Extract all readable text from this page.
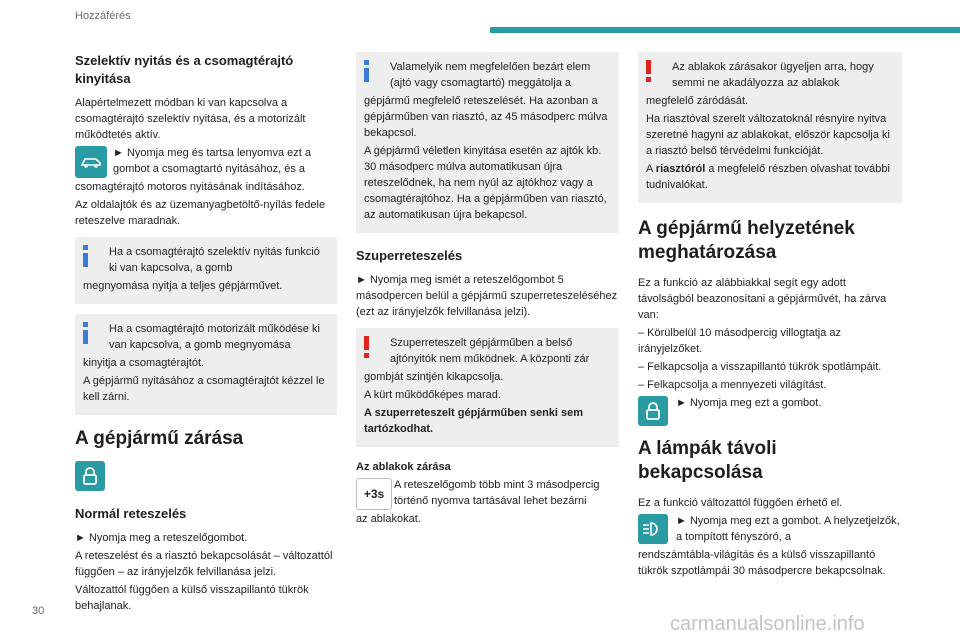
Hozzáférés
30
carmanualsonline.info
Szelektív nyitás és a csomagtérajtó kinyitása
Alapértelmezett módban ki van kapcsolva a csomagtérajtó szelektív nyitása, és a motorizált működtetés aktív.
► Nyomja meg és tartsa lenyomva ezt a gombot a csomagtartó nyitásához, és a
csomagtérajtó motoros nyitásának indításához.
Az oldalajtók és az üzemanyagbetöltő-nyílás fedele reteszelve maradnak.
Ha a csomagtérajtó szelektív nyitás funkció ki van kapcsolva, a gomb
megnyomása nyitja a teljes gépjárművet.
Ha a csomagtérajtó motorizált működése ki van kapcsolva, a gomb megnyomása
kinyitja a csomagtérajtót.
A gépjármű nyitásához a csomagtérajtót kézzel le kell zárni.
A gépjármű zárása
Normál reteszelés
► Nyomja meg a reteszelőgombot.
A reteszelést és a riasztó bekapcsolását – változattól függően – az irányjelzők felvillanása jelzi.
Változattól függően a külső visszapillantó tükrök behajlanak.
Valamelyik nem megfelelően bezárt elem (ajtó vagy csomagtartó) meggátolja a
gépjármű megfelelő reteszelését. Ha azonban a gépjárműben van riasztó, az 45 másodperc múlva bekapcsol.
A gépjármű véletlen kinyitása esetén az ajtók kb. 30 másodperc múlva automatikusan újra reteszelődnek, ha nem nyúl az ajtókhoz vagy a csomagtérajtóhoz. Ha a gépjárműben van riasztó, az automatikusan újra bekapcsol.
Szuperreteszelés
► Nyomja meg ismét a reteszelőgombot 5 másodpercen belül a gépjármű szuperreteszeléséhez (ezt az irányjelzők felvillanása jelzi).
Szuperreteszelt gépjárműben a belső ajtónyitók nem működnek. A központi zár
gombját szintjén kikapcsolja.
A kürt működőképes marad.
A szuperreteszelt gépjárműben senki sem tartózkodhat.
Az ablakok zárása
+3s
A reteszelőgomb több mint 3 másodpercig történő nyomva tartásával lehet bezárni
az ablakokat.
Az ablakok zárásakor ügyeljen arra, hogy semmi ne akadályozza az ablakok
megfelelő záródását.
Ha riasztóval szerelt változatoknál résnyire nyitva szeretné hagyni az ablakokat, először kapcsolja ki a riasztó belső térvédelmi funkcióját.
A riasztóról a megfelelő részben olvashat további tudnivalókat.
A gépjármű helyzetének meghatározása
Ez a funkció az alábbiakkal segít egy adott távolságból beazonosítani a gépjárművét, ha zárva van:
– Körülbelül 10 másodpercig villogtatja az irányjelzőket.
– Felkapcsolja a visszapillantó tükrök spotlámpáit.
– Felkapcsolja a mennyezeti világítást.
► Nyomja meg ezt a gombot.
A lámpák távoli bekapcsolása
Ez a funkció változattól függően érhető el.
► Nyomja meg ezt a gombot. A helyzetjelzők, a tompított fényszóró, a
rendszámtábla-világítás és a külső visszapillantó tükrök szpotlámpái 30 másodpercre bekapcsolnak.
